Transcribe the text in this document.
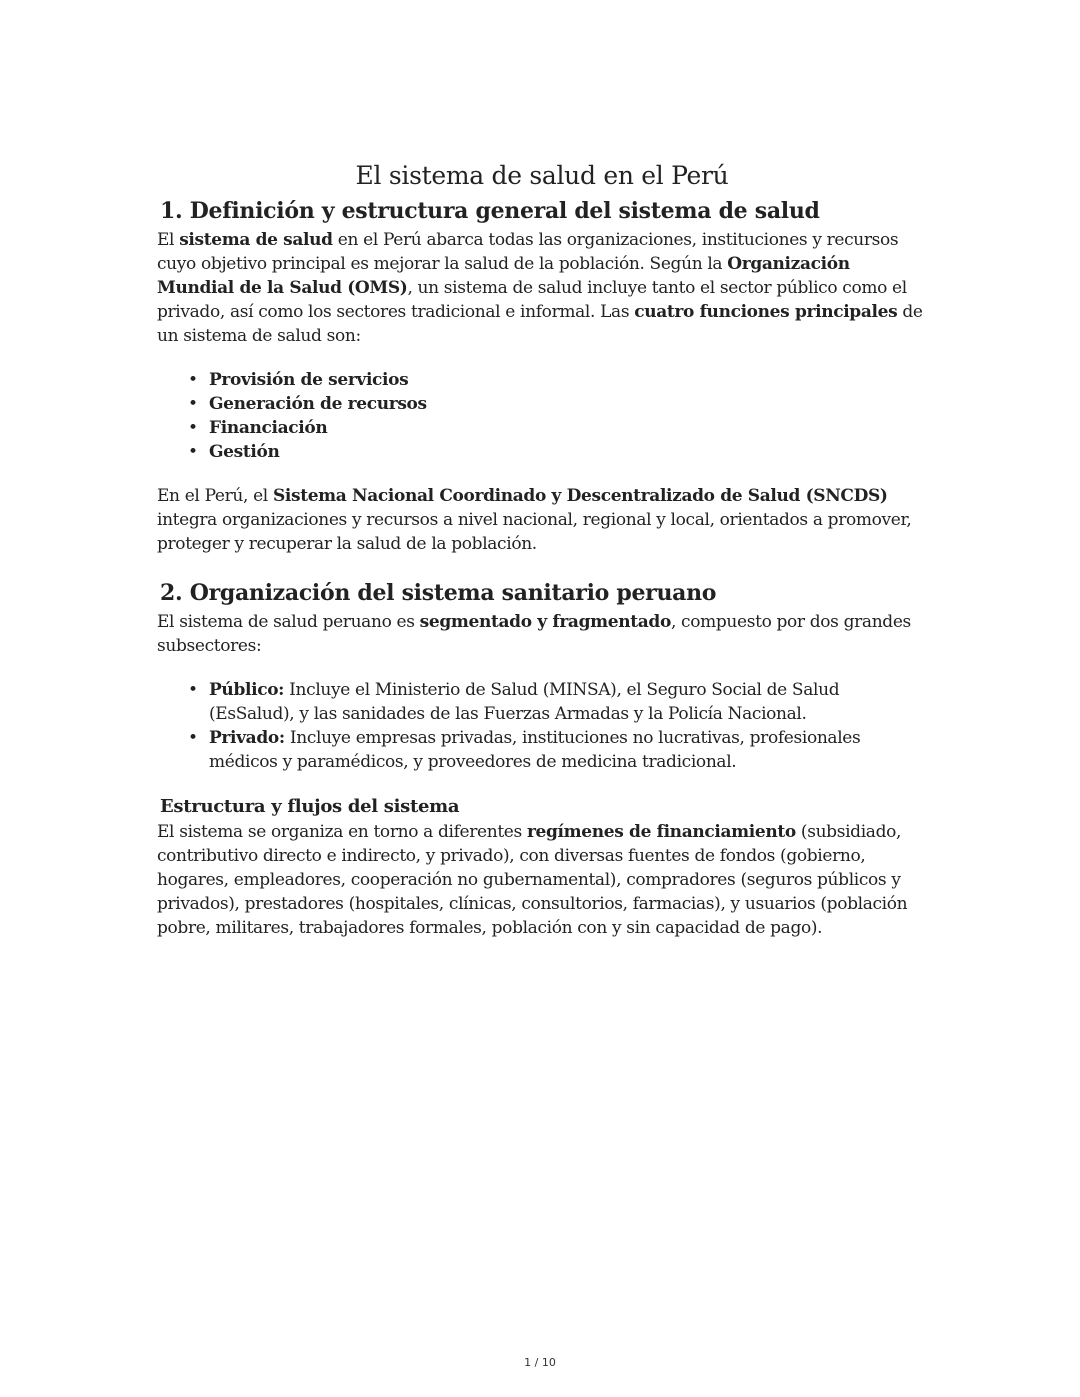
El sistema de salud en el Perú
1. Definición y estructura general del sistema de salud

El sistema de salud en el Perú abarca todas las organizaciones, instituciones y recursos cuyo objetivo principal es mejorar la salud de la población. Según la Organización Mundial de la Salud (OMS), un sistema de salud incluye tanto el sector público como el privado, así como los sectores tradicional e informal. Las cuatro funciones principales de un sistema de salud son:

• Provisión de servicios
• Generación de recursos
• Financiación
• Gestión

En el Perú, el Sistema Nacional Coordinado y Descentralizado de Salud (SNCDS) integra organizaciones y recursos a nivel nacional, regional y local, orientados a promover, proteger y recuperar la salud de la población.

2. Organización del sistema sanitario peruano

El sistema de salud peruano es segmentado y fragmentado, compuesto por dos grandes subsectores:

• Público: Incluye el Ministerio de Salud (MINSA), el Seguro Social de Salud (EsSalud), y las sanidades de las Fuerzas Armadas y la Policía Nacional.
• Privado: Incluye empresas privadas, instituciones no lucrativas, profesionales médicos y paramédicos, y proveedores de medicina tradicional.
Estructura y flujos del sistema

El sistema se organiza en torno a diferentes regímenes de financiamiento (subsidiado, contributivo directo e indirecto, y privado), con diversas fuentes de fondos (gobierno, hogares, empleadores, cooperación no gubernamental), compradores (seguros públicos y privados), prestadores (hospitales, clínicas, consultorios, farmacias), y usuarios (población pobre, militares, trabajadores formales, población con y sin capacidad de pago).

1 / 10
